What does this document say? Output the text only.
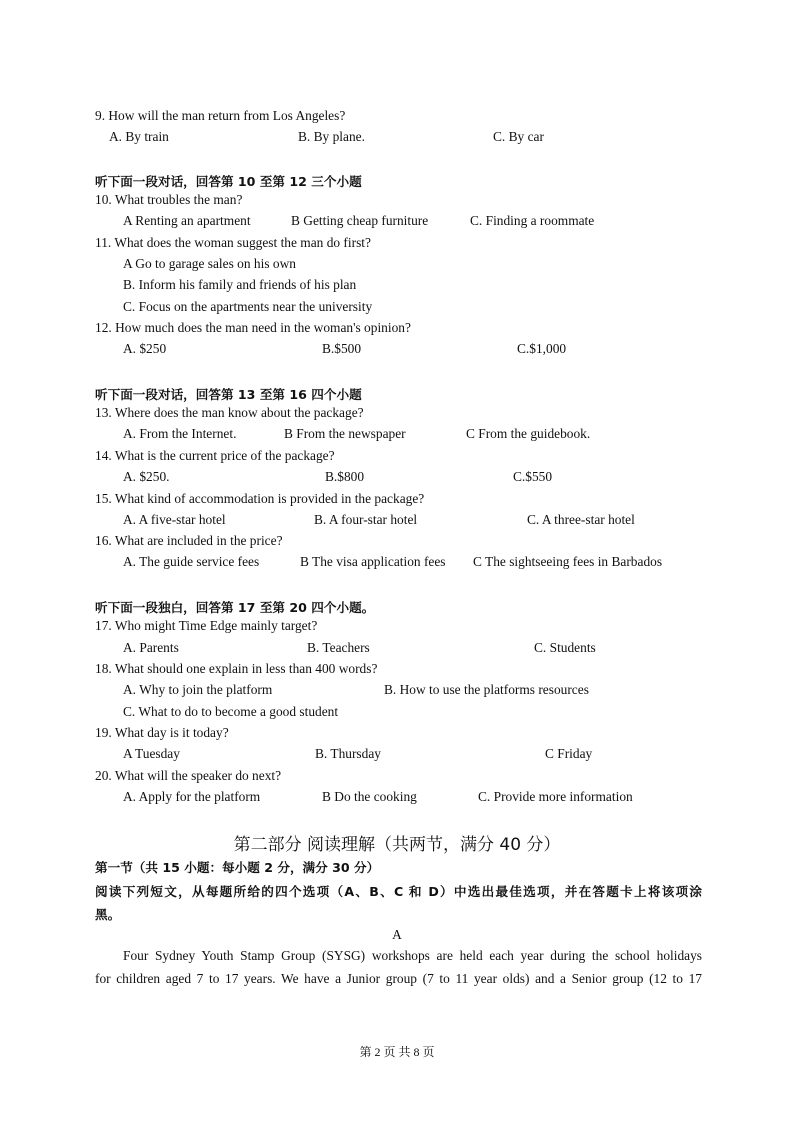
9. How will the man return from Los Angeles?
A. By train	B. By plane.	C. By car
听下面一段对话，回答第 10 至第 12 三个小题
10. What troubles the man?
A Renting an apartment	B Getting cheap furniture	C. Finding a roommate
11. What does the woman suggest the man do first?
A Go to garage sales on his own
B. Inform his family and friends of his plan
C. Focus on the apartments near the university
12. How much does the man need in the woman's opinion?
A. $250	B.$500	C.$1,000
听下面一段对话，回答第 13 至第 16 四个小题
13. Where does the man know about the package?
A. From the Internet.	B From the newspaper	C From the guidebook.
14. What is the current price of the package?
A. $250.	B.$800	C.$550
15. What kind of accommodation is provided in the package?
A. A five-star hotel	B. A four-star hotel	C. A three-star hotel
16. What are included in the price?
A. The guide service fees	B The visa application fees C The sightseeing fees in Barbados
听下面一段独白，回答第 17 至第 20 四个小题。
17. Who might Time Edge mainly target?
A. Parents	B. Teachers	C. Students
18. What should one explain in less than 400 words?
A. Why to join the platform	B. How to use the platforms resources
C. What to do to become a good student
19. What day is it today?
A Tuesday	B. Thursday	C Friday
20. What will the speaker do next?
A. Apply for the platform	B Do the cooking	C. Provide more information
第二部分 阅读理解（共两节，满分 40 分）
第一节（共 15 小题：每小题 2 分，满分 30 分）
阅读下列短文，从每题所给的四个选项（A、B、C 和 D）中选出最佳选项，并在答题卡上将该项涂
黑。
A
Four Sydney Youth Stamp Group (SYSG) workshops are held each year during the school holidays
for children aged 7 to 17 years. We have a Junior group (7 to 11 year olds) and a Senior group (12 to 17
第 2 页 共 8 页
